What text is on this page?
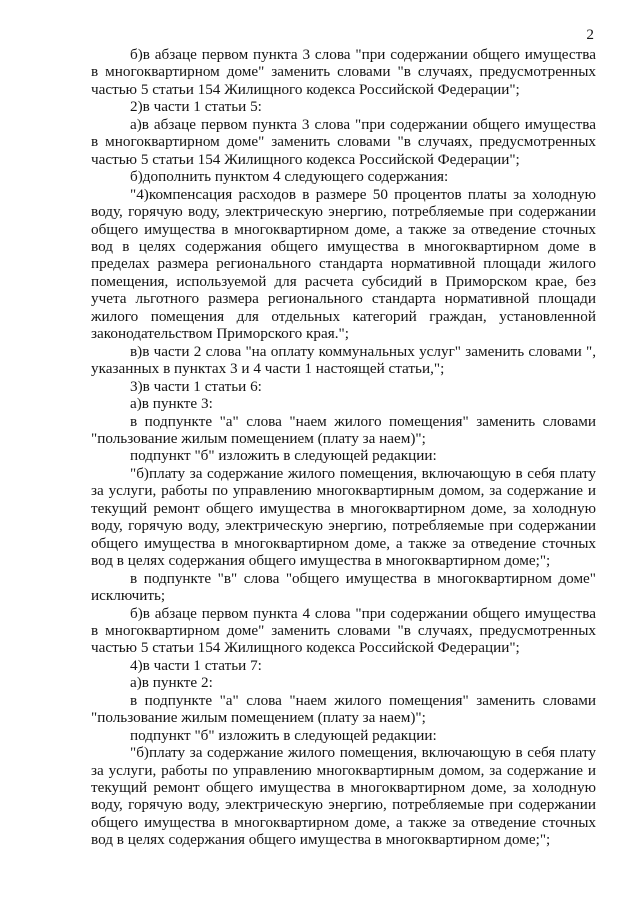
2

б)в абзаце первом пункта 3 слова "при содержании общего имущества в многоквартирном доме" заменить словами "в случаях, предусмотренных частью 5 статьи 154 Жилищного кодекса Российской Федерации";

2)в части 1 статьи 5:

а)в абзаце первом пункта 3 слова "при содержании общего имущества в многоквартирном доме" заменить словами "в случаях, предусмотренных частью 5 статьи 154 Жилищного кодекса Российской Федерации";

б)дополнить пунктом 4 следующего содержания:

"4)компенсация расходов в размере 50 процентов платы за холодную воду, горячую воду, электрическую энергию, потребляемые при содержании общего имущества в многоквартирном доме, а также за отведение сточных вод в целях содержания общего имущества в многоквартирном доме в пределах размера регионального стандарта нормативной площади жилого помещения, используемой для расчета субсидий в Приморском крае, без учета льготного размера регионального стандарта нормативной площади жилого помещения для отдельных категорий граждан, установленной законодательством Приморского края.";

в)в части 2 слова "на оплату коммунальных услуг" заменить словами ", указанных в пунктах 3 и 4 части 1 настоящей статьи,";

3)в части 1 статьи 6:

а)в пункте 3:

в подпункте "а" слова "наем жилого помещения" заменить словами "пользование жилым помещением (плату за наем)";

подпункт "б" изложить в следующей редакции:

"б)плату за содержание жилого помещения, включающую в себя плату за услуги, работы по управлению многоквартирным домом, за содержание и текущий ремонт общего имущества в многоквартирном доме, за холодную воду, горячую воду, электрическую энергию, потребляемые при содержании общего имущества в многоквартирном доме, а также за отведение сточных вод в целях содержания общего имущества в многоквартирном доме;";

в подпункте "в" слова "общего имущества в многоквартирном доме" исключить;

б)в абзаце первом пункта 4 слова "при содержании общего имущества в многоквартирном доме" заменить словами "в случаях, предусмотренных частью 5 статьи 154 Жилищного кодекса Российской Федерации";

4)в части 1 статьи 7:

а)в пункте 2:

в подпункте "а" слова "наем жилого помещения" заменить словами "пользование жилым помещением (плату за наем)";

подпункт "б" изложить в следующей редакции:

"б)плату за содержание жилого помещения, включающую в себя плату за услуги, работы по управлению многоквартирным домом, за содержание и текущий ремонт общего имущества в многоквартирном доме, за холодную воду, горячую воду, электрическую энергию, потребляемые при содержании общего имущества в многоквартирном доме, а также за отведение сточных вод в целях содержания общего имущества в многоквартирном доме;";
